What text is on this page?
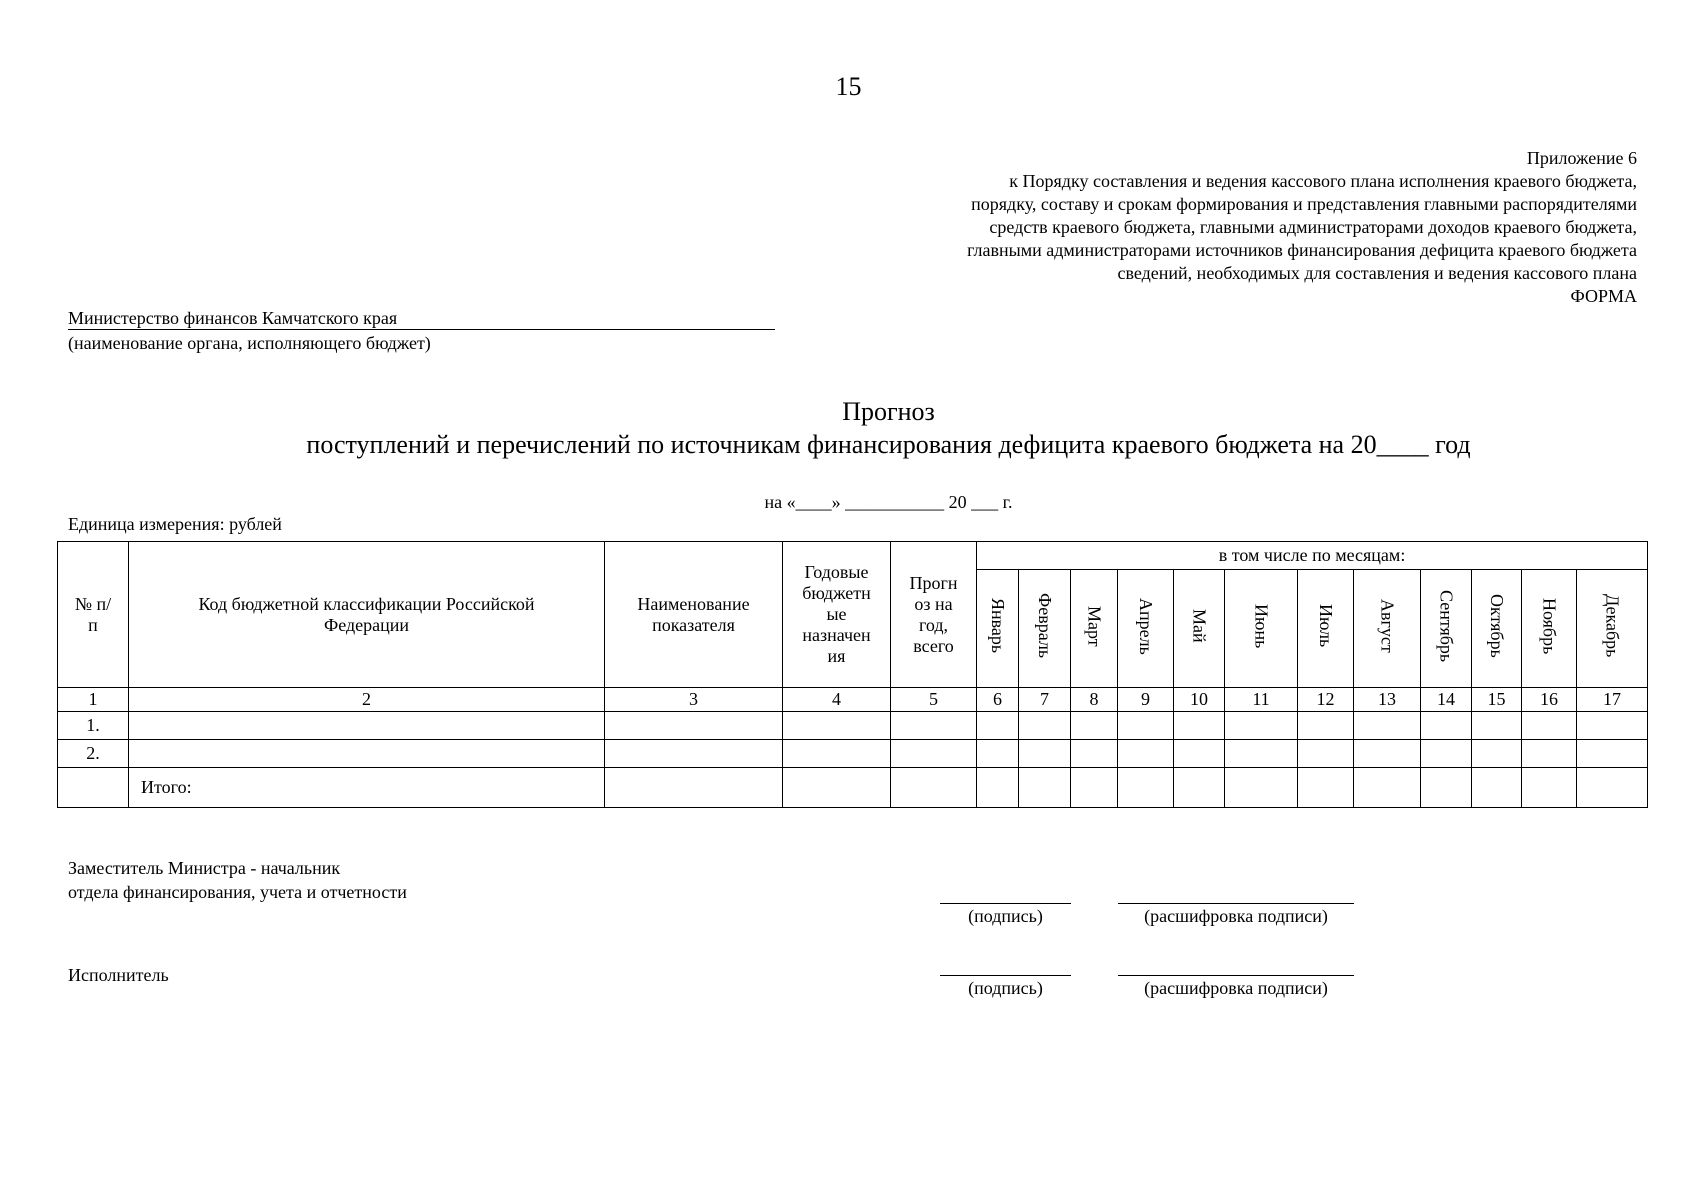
15
Приложение 6
к Порядку составления и ведения кассового плана исполнения краевого бюджета,
порядку, составу и срокам формирования и представления главными распорядителями
средств краевого бюджета, главными администраторами доходов краевого бюджета,
главными администраторами источников финансирования дефицита краевого бюджета
сведений, необходимых для составления и ведения кассового плана
ФОРМА
Министерство финансов Камчатского края
(наименование органа, исполняющего бюджет)
Прогноз
поступлений и перечислений по источникам финансирования дефицита краевого бюджета на 20____ год
на «____» ___________ 20 ___ г.
Единица измерения: рублей
№ п/п	Код бюджетной классификации Российской Федерации	Наименование показателя	Годовые бюджетн ые назначен ия	Прогн оз на год, всего	в том числе по месяцам:											
					Январь	Февраль	Март	Апрель	Май	Июнь	Июль	Август	Сентябрь	Октябрь	Ноябрь	Декабрь
1	2	3	4	5	6	7	8	9	10	11	12	13	14	15	16	17
1.																
2.																
	Итого:															
Заместитель Министра - начальник
отдела финансирования, учета и отчетности
(подпись)	(расшифровка подписи)
Исполнитель
(подпись)	(расшифровка подписи)
